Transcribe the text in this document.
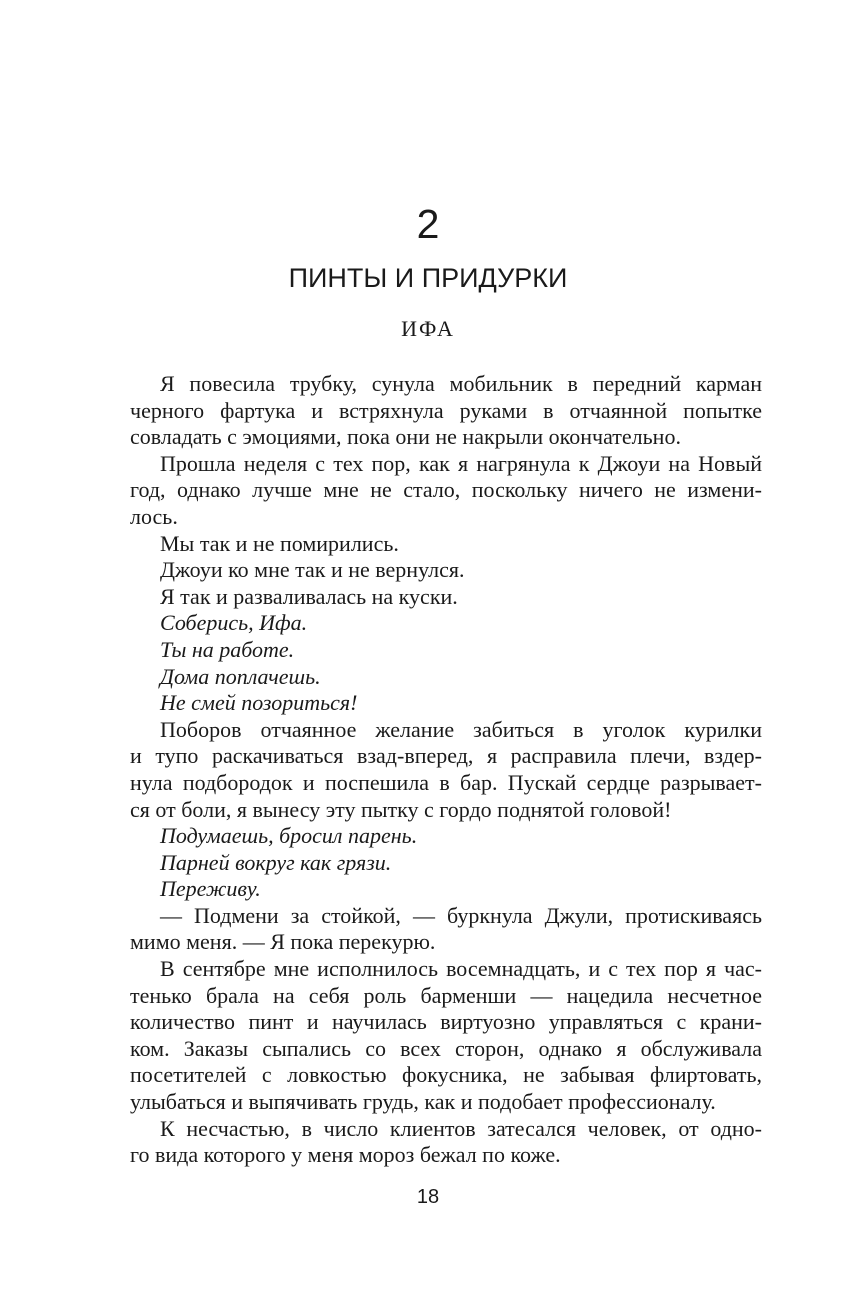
2
ПИНТЫ И ПРИДУРКИ
ИФА
Я повесила трубку, сунула мобильник в передний карман
черного фартука и встряхнула руками в отчаянной попытке
совладать с эмоциями, пока они не накрыли окончательно.
Прошла неделя с тех пор, как я нагрянула к Джоуи на Новый
год, однако лучше мне не стало, поскольку ничего не измени-
лось.
Мы так и не помирились.
Джоуи ко мне так и не вернулся.
Я так и разваливалась на куски.
Соберись, Ифа.
Ты на работе.
Дома поплачешь.
Не смей позориться!
Поборов отчаянное желание забиться в уголок курилки
и тупо раскачиваться взад-вперед, я расправила плечи, вздер-
нула подбородок и поспешила в бар. Пускай сердце разрывает-
ся от боли, я вынесу эту пытку с гордо поднятой головой!
Подумаешь, бросил парень.
Парней вокруг как грязи.
Переживу.
— Подмени за стойкой, — буркнула Джули, протискиваясь
мимо меня. — Я пока перекурю.
В сентябре мне исполнилось восемнадцать, и с тех пор я час-
тенько брала на себя роль барменши — нацедила несчетное
количество пинт и научилась виртуозно управляться с крани-
ком. Заказы сыпались со всех сторон, однако я обслуживала
посетителей с ловкостью фокусника, не забывая флиртовать,
улыбаться и выпячивать грудь, как и подобает профессионалу.
К несчастью, в число клиентов затесался человек, от одно-
го вида которого у меня мороз бежал по коже.
18
